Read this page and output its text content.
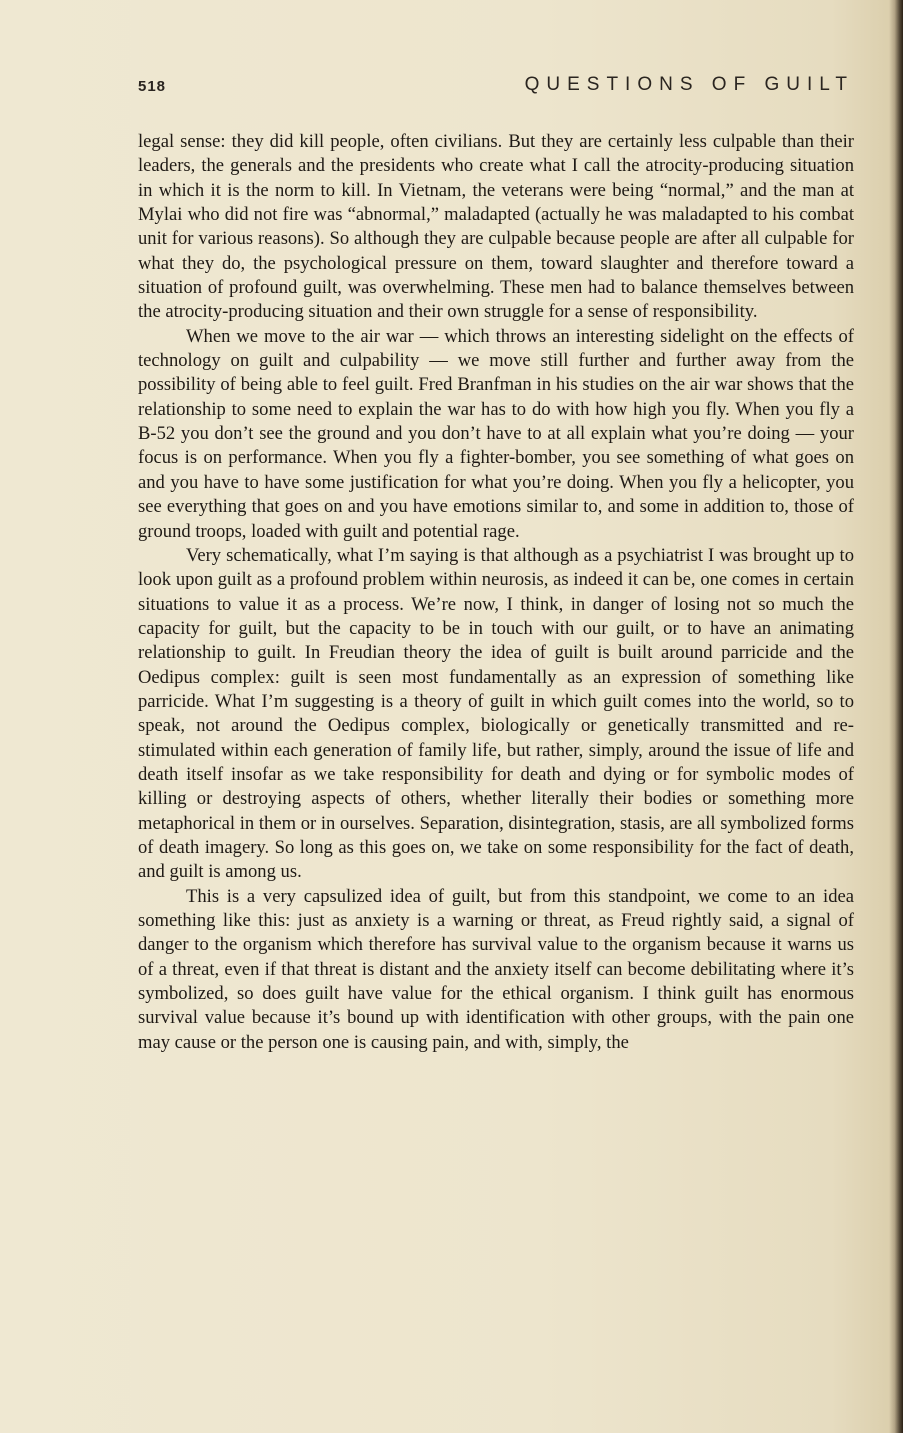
518	QUESTIONS OF GUILT

legal sense: they did kill people, often civilians. But they are certainly less culpable than their leaders, the generals and the presidents who create what I call the atrocity-producing situation in which it is the norm to kill. In Vietnam, the veterans were being “normal,” and the man at Mylai who did not fire was “abnormal,” maladapted (actually he was maladapted to his combat unit for various reasons). So although they are culpable because people are after all culpable for what they do, the psychological pressure on them, toward slaughter and therefore toward a situation of profound guilt, was overwhelming. These men had to balance themselves between the atrocity-producing situation and their own struggle for a sense of responsibility.

When we move to the air war — which throws an interesting sidelight on the effects of technology on guilt and culpability — we move still further and further away from the possibility of being able to feel guilt. Fred Branfman in his studies on the air war shows that the relationship to some need to explain the war has to do with how high you fly. When you fly a B-52 you don’t see the ground and you don’t have to at all explain what you’re doing — your focus is on performance. When you fly a fighter-bomber, you see something of what goes on and you have to have some justification for what you’re doing. When you fly a helicopter, you see everything that goes on and you have emotions similar to, and some in addition to, those of ground troops, loaded with guilt and potential rage.

Very schematically, what I’m saying is that although as a psychiatrist I was brought up to look upon guilt as a profound problem within neurosis, as indeed it can be, one comes in certain situations to value it as a process. We’re now, I think, in danger of losing not so much the capacity for guilt, but the capacity to be in touch with our guilt, or to have an animating relationship to guilt. In Freudian theory the idea of guilt is built around parricide and the Oedipus complex: guilt is seen most fundamentally as an expression of something like parricide. What I’m suggesting is a theory of guilt in which guilt comes into the world, so to speak, not around the Oedipus complex, biologically or genetically transmitted and re-stimulated within each generation of family life, but rather, simply, around the issue of life and death itself insofar as we take responsibility for death and dying or for symbolic modes of killing or destroying aspects of others, whether literally their bodies or something more metaphorical in them or in ourselves. Separation, disintegration, stasis, are all symbolized forms of death imagery. So long as this goes on, we take on some responsibility for the fact of death, and guilt is among us.

This is a very capsulized idea of guilt, but from this standpoint, we come to an idea something like this: just as anxiety is a warning or threat, as Freud rightly said, a signal of danger to the organism which therefore has survival value to the organism because it warns us of a threat, even if that threat is distant and the anxiety itself can become debilitating where it’s symbolized, so does guilt have value for the ethical organism. I think guilt has enormous survival value because it’s bound up with identification with other groups, with the pain one may cause or the person one is causing pain, and with, simply, the
